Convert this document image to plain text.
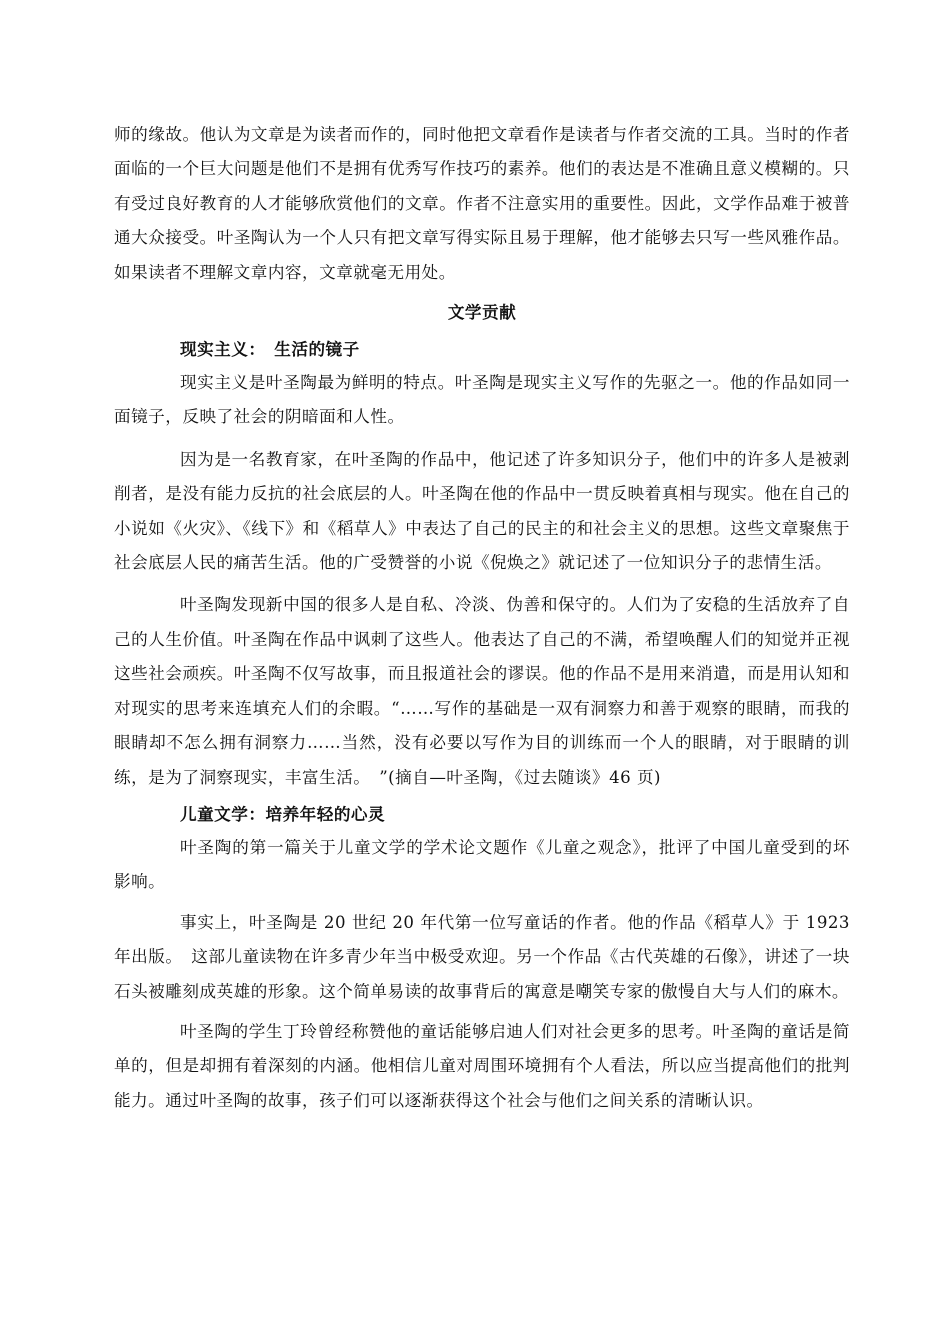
师的缘故。他认为文章是为读者而作的，同时他把文章看作是读者与作者交流的工具。当时的作者面临的一个巨大问题是他们不是拥有优秀写作技巧的素养。他们的表达是不准确且意义模糊的。只有受过良好教育的人才能够欣赏他们的文章。作者不注意实用的重要性。因此，文学作品难于被普通大众接受。叶圣陶认为一个人只有把文章写得实际且易于理解，他才能够去只写一些风雅作品。如果读者不理解文章内容，文章就毫无用处。

文学贡献
现实主义：　生活的镜子

现实主义是叶圣陶最为鲜明的特点。叶圣陶是现实主义写作的先驱之一。他的作品如同一面镜子，反映了社会的阴暗面和人性。

因为是一名教育家，在叶圣陶的作品中，他记述了许多知识分子，他们中的许多人是被剥削者，是没有能力反抗的社会底层的人。叶圣陶在他的作品中一贯反映着真相与现实。他在自己的小说如《火灾》、《线下》和《稻草人》中表达了自己的民主的和社会主义的思想。这些文章聚焦于社会底层人民的痛苦生活。他的广受赞誉的小说《倪焕之》就记述了一位知识分子的悲情生活。

叶圣陶发现新中国的很多人是自私、冷淡、伪善和保守的。人们为了安稳的生活放弃了自己的人生价值。叶圣陶在作品中讽刺了这些人。他表达了自己的不满，希望唤醒人们的知觉并正视这些社会顽疾。叶圣陶不仅写故事，而且报道社会的谬误。他的作品不是用来消遣，而是用认知和对现实的思考来连填充人们的余暇。“……写作的基础是一双有洞察力和善于观察的眼睛，而我的眼睛却不怎么拥有洞察力……当然，没有必要以写作为目的训练而一个人的眼睛，对于眼睛的训练，是为了洞察现实，丰富生活。　”(摘自—叶圣陶，《过去随谈》46 页)

儿童文学：培养年轻的心灵

叶圣陶的第一篇关于儿童文学的学术论文题作《儿童之观念》，批评了中国儿童受到的坏影响。

事实上，叶圣陶是 20 世纪 20 年代第一位写童话的作者。他的作品《稻草人》于 1923 年出版。　这部儿童读物在许多青少年当中极受欢迎。另一个作品《古代英雄的石像》，讲述了一块石头被雕刻成英雄的形象。这个简单易读的故事背后的寓意是嘲笑专家的傲慢自大与人们的麻木。

叶圣陶的学生丁玲曾经称赞他的童话能够启迪人们对社会更多的思考。叶圣陶的童话是简单的，但是却拥有着深刻的内涵。他相信儿童对周围环境拥有个人看法，所以应当提高他们的批判能力。通过叶圣陶的故事，孩子们可以逐渐获得这个社会与他们之间关系的清晰认识。
